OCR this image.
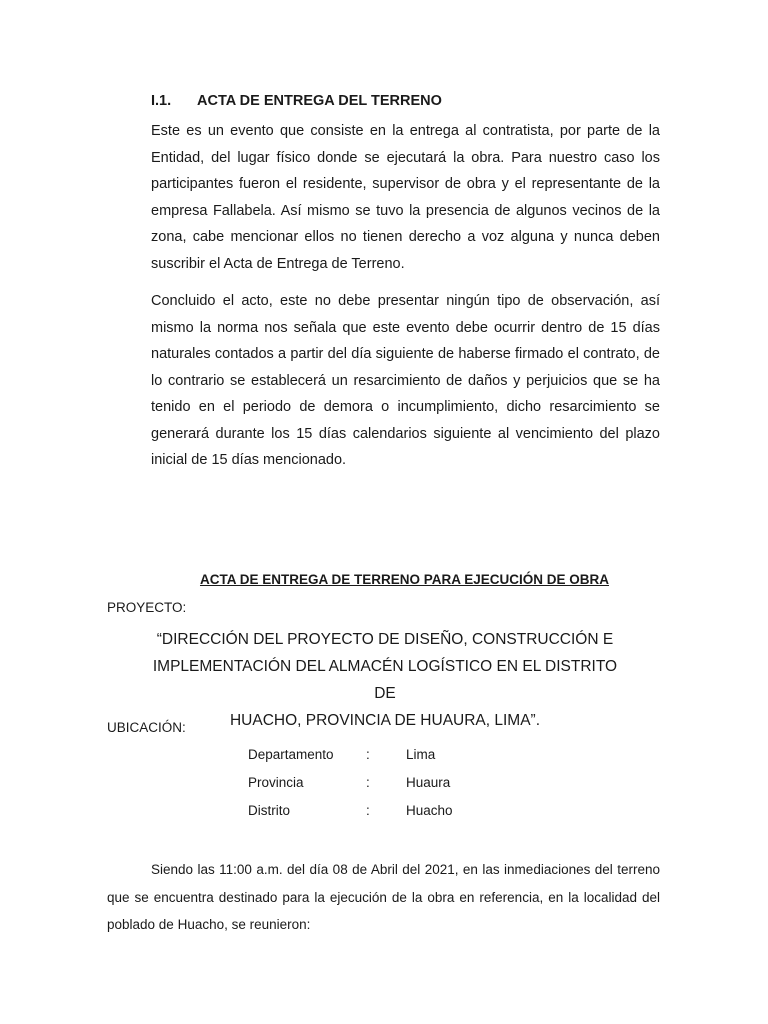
I.1. ACTA DE ENTREGA DEL TERRENO

Este es un evento que consiste en la entrega al contratista, por parte de la Entidad, del lugar físico donde se ejecutará la obra. Para nuestro caso los participantes fueron el residente, supervisor de obra y el representante de la empresa Fallabela. Así mismo se tuvo la presencia de algunos vecinos de la zona, cabe mencionar ellos no tienen derecho a voz alguna y nunca deben suscribir el Acta de Entrega de Terreno.

Concluido el acto, este no debe presentar ningún tipo de observación, así mismo la norma nos señala que este evento debe ocurrir dentro de 15 días naturales contados a partir del día siguiente de haberse firmado el contrato, de lo contrario se establecerá un resarcimiento de daños y perjuicios que se ha tenido en el periodo de demora o incumplimiento, dicho resarcimiento se generará durante los 15 días calendarios siguiente al vencimiento del plazo inicial de 15 días mencionado.

ACTA DE ENTREGA DE TERRENO PARA EJECUCIÓN DE OBRA

PROYECTO:

“DIRECCIÓN DEL PROYECTO DE DISEÑO, CONSTRUCCIÓN E
IMPLEMENTACIÓN DEL ALMACÉN LOGÍSTICO EN EL DISTRITO DE
HUACHO, PROVINCIA DE HUAURA, LIMA”.

UBICACIÓN:

Departamento :	Lima
Provincia	:	Huaura
Distrito	:	Huacho

Siendo las 11:00 a.m. del día 08 de Abril del 2021, en las inmediaciones del terreno que se encuentra destinado para la ejecución de la obra en referencia, en la localidad del poblado de Huacho, se reunieron:
